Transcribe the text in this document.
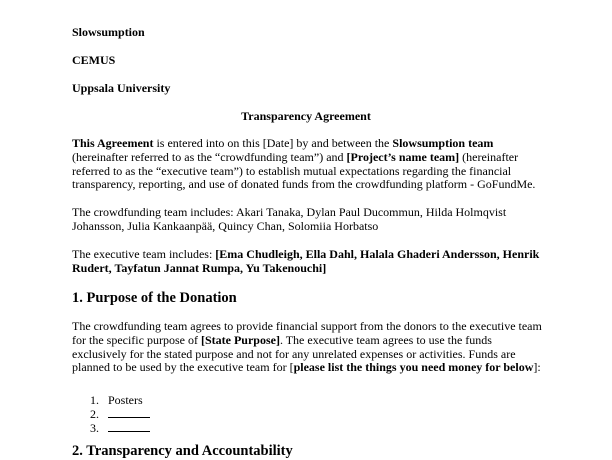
Slowsumption
CEMUS
Uppsala University
Transparency Agreement
This Agreement is entered into on this [Date] by and between the Slowsumption team (hereinafter referred to as the “crowdfunding team”) and [Project’s name team] (hereinafter referred to as the “executive team”) to establish mutual expectations regarding the financial transparency, reporting, and use of donated funds from the crowdfunding platform - GoFundMe.
The crowdfunding team includes: Akari Tanaka, Dylan Paul Ducommun, Hilda Holmqvist Johansson, Julia Kankaanpää, Quincy Chan, Solomiia Horbatso
The executive team includes: [Ema Chudleigh, Ella Dahl, Halala Ghaderi Andersson, Henrik Rudert, Tayfatun Jannat Rumpa, Yu Takenouchi]
1. Purpose of the Donation
The crowdfunding team agrees to provide financial support from the donors to the executive team for the specific purpose of [State Purpose]. The executive team agrees to use the funds exclusively for the stated purpose and not for any unrelated expenses or activities. Funds are planned to be used by the executive team for [please list the things you need money for below]:
1. Posters
2.
3.
2. Transparency and Accountability
